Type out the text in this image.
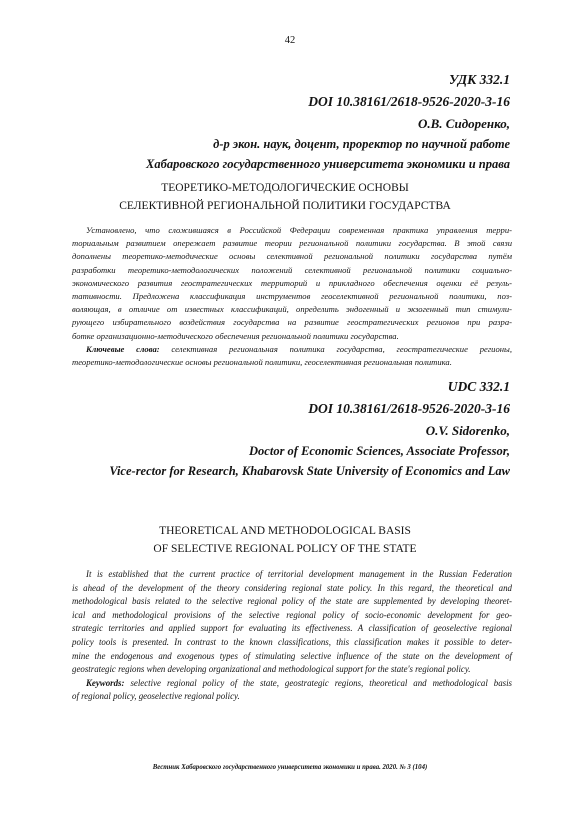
42
УДК 332.1
DOI 10.38161/2618-9526-2020-3-16
О.В. Сидоренко,
д-р экон. наук, доцент, проректор по научной работе
Хабаровского государственного университета экономики и права
ТЕОРЕТИКО-МЕТОДОЛОГИЧЕСКИЕ ОСНОВЫ
СЕЛЕКТИВНОЙ РЕГИОНАЛЬНОЙ ПОЛИТИКИ ГОСУДАРСТВА
Установлено, что сложившаяся в Российской Федерации современная практика управления терри-
ториальным развитием опережает развитие теории региональной политики государства. В этой связи
дополнены теоретико-методические основы селективной региональной политики государства путём
разработки теоретико-методологических положений селективной региональной политики социально-
экономического развития геостратегических территорий и прикладного обеспечения оценки её резуль-
тативности. Предложена классификация инструментов геоселективной региональной политики, поз-
воляющая, в отличие от известных классификаций, определить эндогенный и экзогенный тип стимули-
рующего избирательного воздействия государства на развитие геостратегических регионов при разра-
ботке организационно-методического обеспечения региональной политики государства.
Ключевые слова: селективная региональная политика государства, геостратегические регионы,
теоретико-методологические основы региональной политики, геоселективная региональная политика.
UDC 332.1
DOI 10.38161/2618-9526-2020-3-16
O.V. Sidorenko,
Doctor of Economic Sciences, Associate Professor,
Vice-rector for Research, Khabarovsk State University of Economics and Law
THEORETICAL AND METHODOLOGICAL BASIS
OF SELECTIVE REGIONAL POLICY OF THE STATE
It is established that the current practice of territorial development management in the Russian Federation
is ahead of the development of the theory considering regional state policy. In this regard, the theoretical and
methodological basis related to the selective regional policy of the state are supplemented by developing theoret-
ical and methodological provisions of the selective regional policy of socio-economic development for geo-
strategic territories and applied support for evaluating its effectiveness. A classification of geoselective regional
policy tools is presented. In contrast to the known classifications, this classification makes it possible to deter-
mine the endogenous and exogenous types of stimulating selective influence of the state on the development of
geostrategic regions when developing organizational and methodological support for the state's regional policy.
Keywords: selective regional policy of the state, geostrategic regions, theoretical and methodological basis
of regional policy, geoselective regional policy.
Вестник Хабаровского государственного университета экономики и права. 2020. № 3 (104)
